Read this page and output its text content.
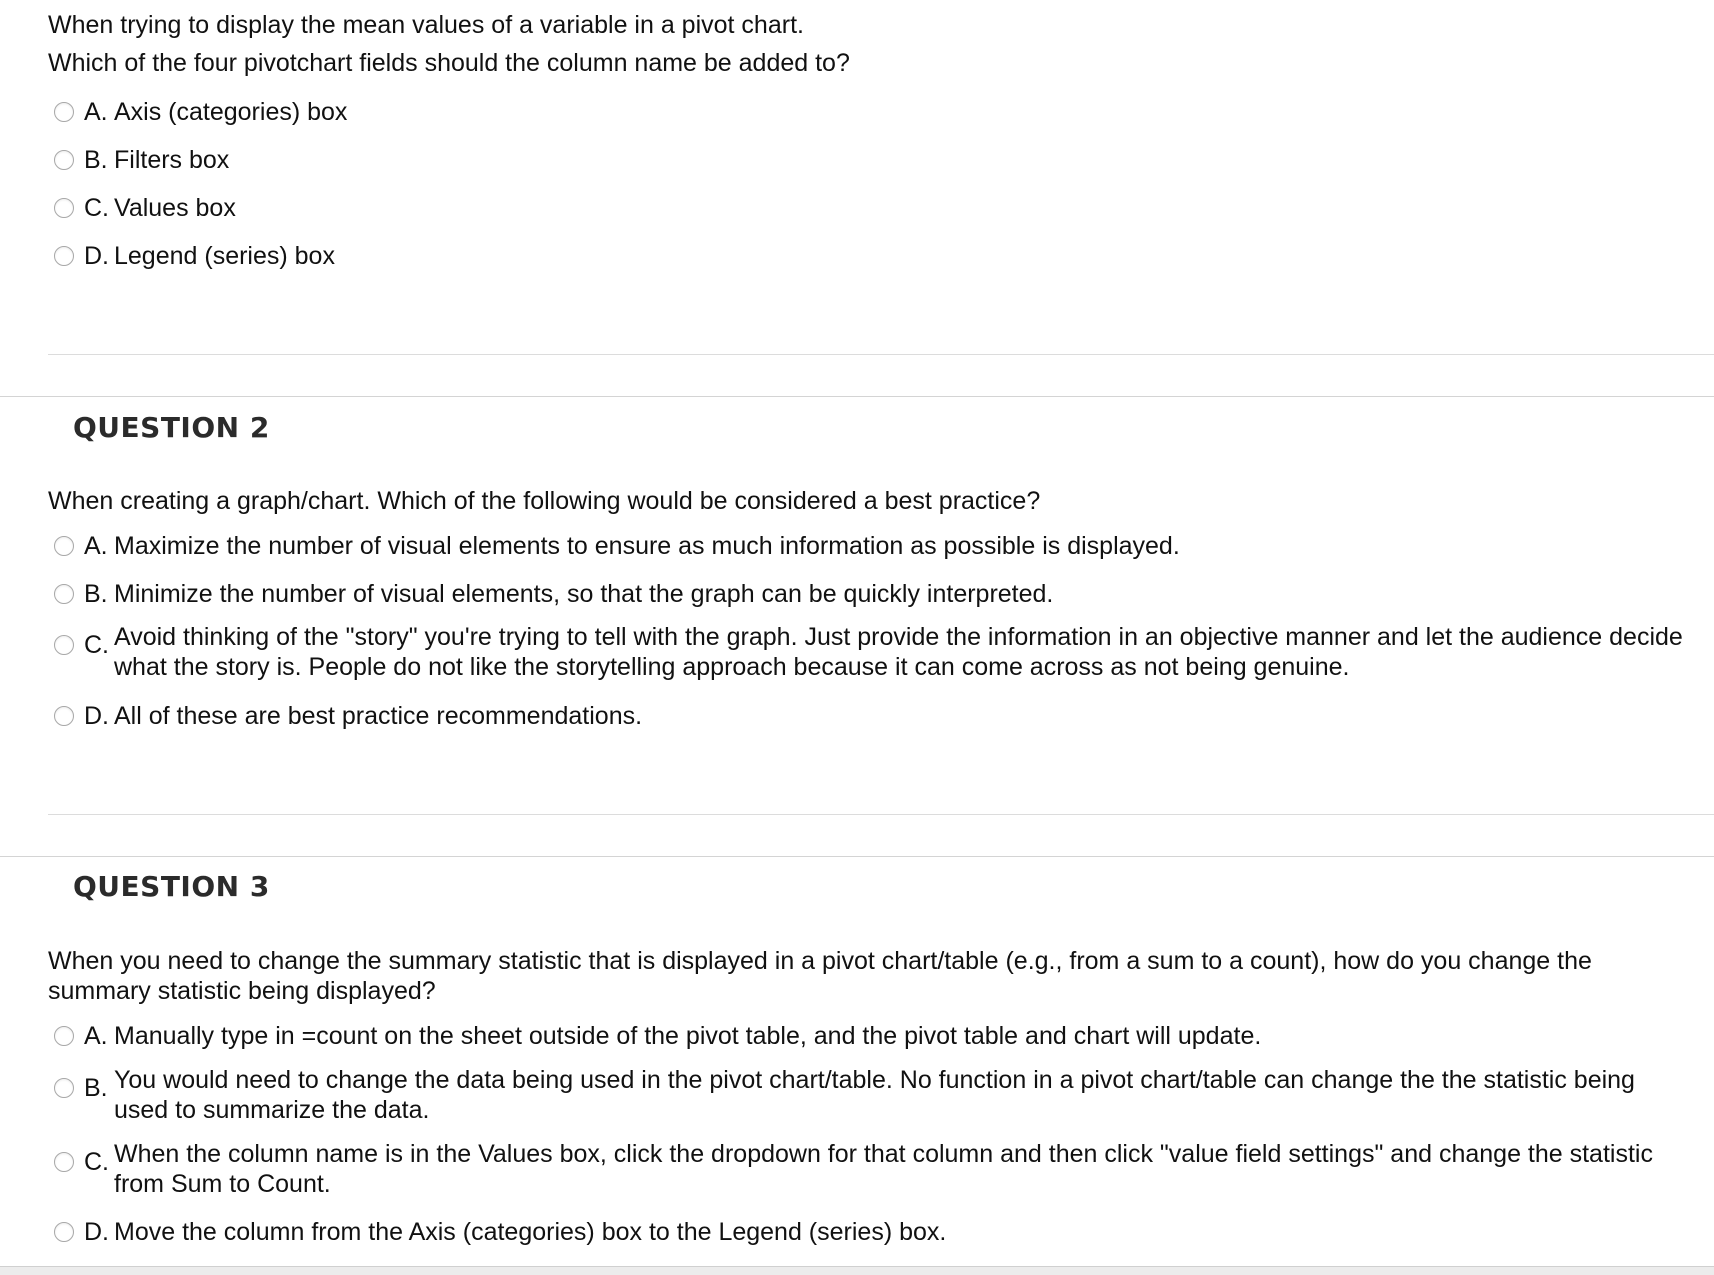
When trying to display the mean values of a variable in a pivot chart.
Which of the four pivotchart fields should the column name be added to?
A. Axis (categories) box
B. Filters box
C. Values box
D. Legend (series) box
QUESTION 2
When creating a graph/chart. Which of the following would be considered a best practice?
A. Maximize the number of visual elements to ensure as much information as possible is displayed.
B. Minimize the number of visual elements, so that the graph can be quickly interpreted.
C. Avoid thinking of the "story" you're trying to tell with the graph. Just provide the information in an objective manner and let the audience decide what the story is. People do not like the storytelling approach because it can come across as not being genuine.
D. All of these are best practice recommendations.
QUESTION 3
When you need to change the summary statistic that is displayed in a pivot chart/table (e.g., from a sum to a count), how do you change the summary statistic being displayed?
A. Manually type in =count on the sheet outside of the pivot table, and the pivot table and chart will update.
B. You would need to change the data being used in the pivot chart/table. No function in a pivot chart/table can change the the statistic being used to summarize the data.
C. When the column name is in the Values box, click the dropdown for that column and then click "value field settings" and change the statistic from Sum to Count.
D. Move the column from the Axis (categories) box to the Legend (series) box.
